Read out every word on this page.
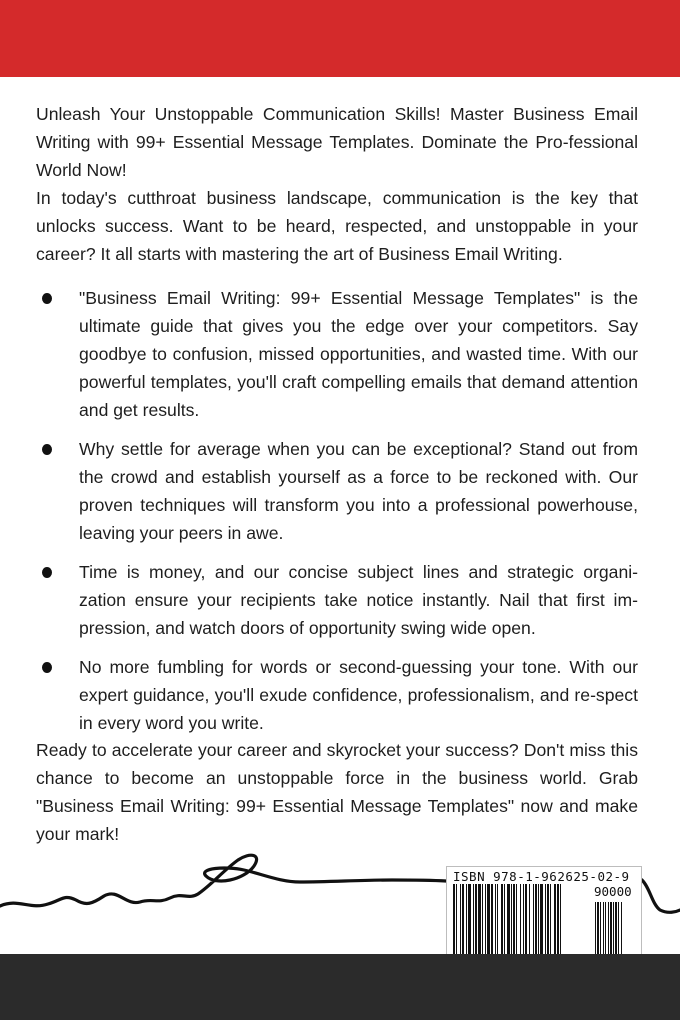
Unleash Your Unstoppable Communication Skills! Master Business Email Writing with 99+ Essential Message Templates. Dominate the Pro-fessional World Now!

In today's cutthroat business landscape, communication is the key that unlocks success. Want to be heard, respected, and unstoppable in your career? It all starts with mastering the art of Business Email Writing.

"Business Email Writing: 99+ Essential Message Templates" is the ultimate guide that gives you the edge over your competitors. Say goodbye to confusion, missed opportunities, and wasted time. With our powerful templates, you'll craft compelling emails that demand attention and get results.
Why settle for average when you can be exceptional? Stand out from the crowd and establish yourself as a force to be reckoned with. Our proven techniques will transform you into a professional powerhouse, leaving your peers in awe.
Time is money, and our concise subject lines and strategic organi-zation ensure your recipients take notice instantly. Nail that first im-pression, and watch doors of opportunity swing wide open.
No more fumbling for words or second-guessing your tone. With our expert guidance, you'll exude confidence, professionalism, and re-spect in every word you write.

Ready to accelerate your career and skyrocket your success? Don't miss this chance to become an unstoppable force in the business world. Grab "Business Email Writing: 99+ Essential Message Templates" now and make your mark!

ISBN 978-1-962625-02-9
90000
